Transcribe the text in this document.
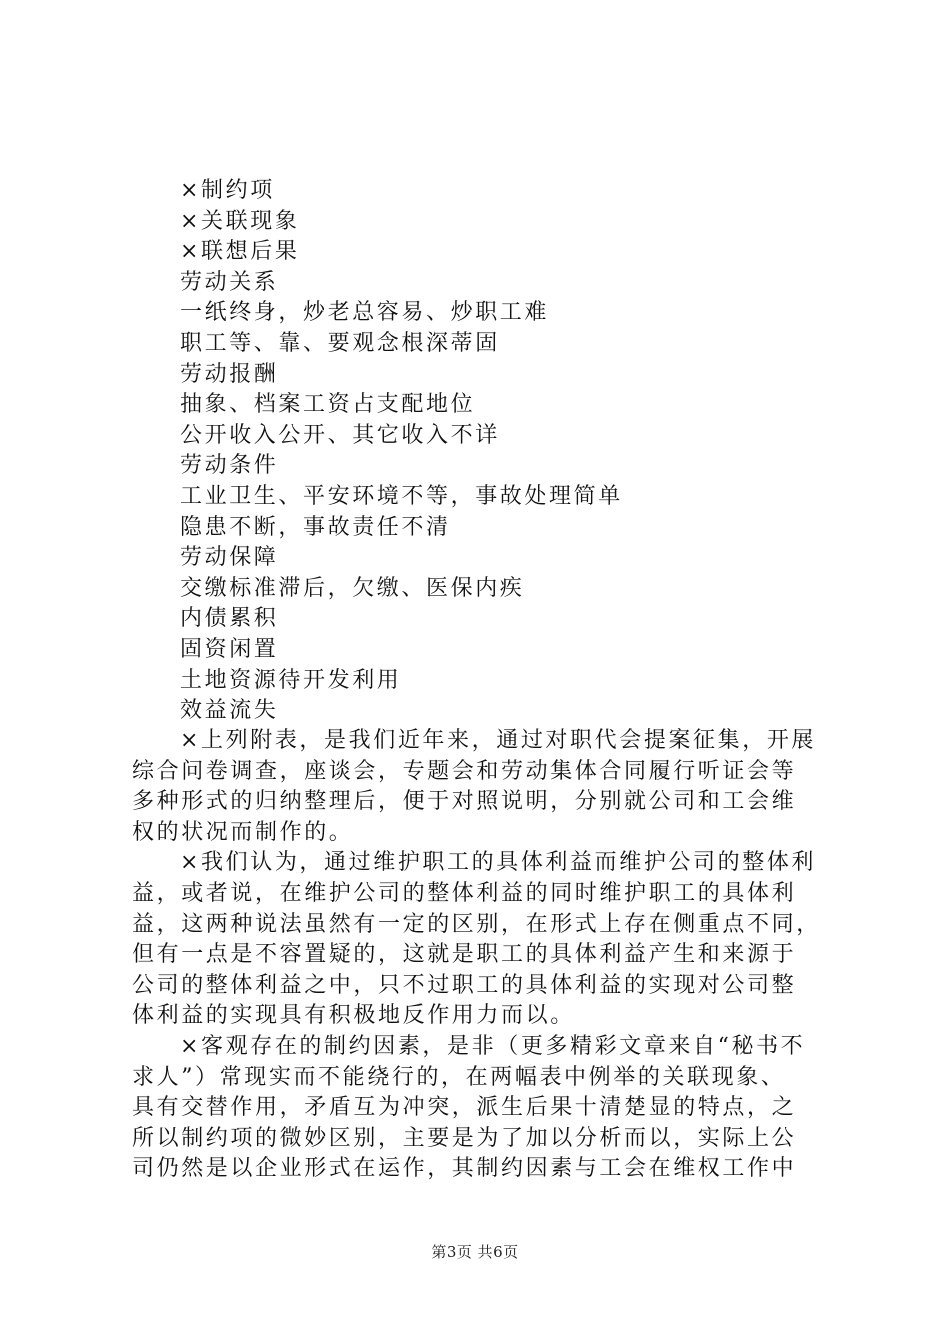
×制约项
×关联现象
×联想后果
劳动关系
一纸终身，炒老总容易、炒职工难
职工等、靠、要观念根深蒂固
劳动报酬
抽象、档案工资占支配地位
公开收入公开、其它收入不详
劳动条件
工业卫生、平安环境不等，事故处理简单
隐患不断，事故责任不清
劳动保障
交缴标准滞后，欠缴、医保内疾
内债累积
固资闲置
土地资源待开发利用
效益流失
×上列附表，是我们近年来，通过对职代会提案征集，开展
综合问卷调查，座谈会，专题会和劳动集体合同履行听证会等
多种形式的归纳整理后，便于对照说明，分别就公司和工会维
权的状况而制作的。
×我们认为，通过维护职工的具体利益而维护公司的整体利
益，或者说，在维护公司的整体利益的同时维护职工的具体利
益，这两种说法虽然有一定的区别，在形式上存在侧重点不同，
但有一点是不容置疑的，这就是职工的具体利益产生和来源于
公司的整体利益之中，只不过职工的具体利益的实现对公司整
体利益的实现具有积极地反作用力而以。
×客观存在的制约因素，是非（更多精彩文章来自“秘书不
求人”）常现实而不能绕行的，在两幅表中例举的关联现象、
具有交替作用，矛盾互为冲突，派生后果十清楚显的特点，之
所以制约项的微妙区别，主要是为了加以分析而以，实际上公
司仍然是以企业形式在运作，其制约因素与工会在维权工作中
第3页 共6页
